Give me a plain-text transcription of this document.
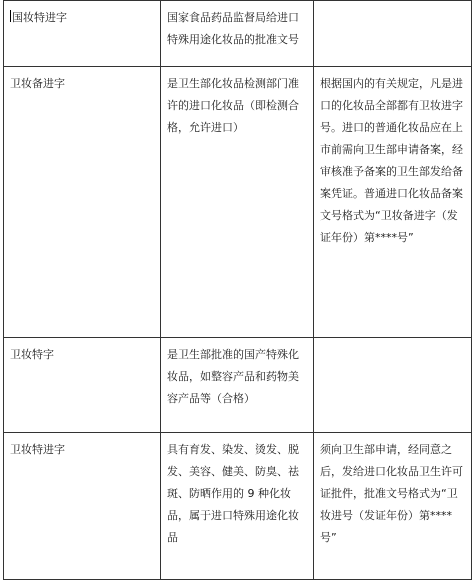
国妆特进字	国家食品药品监督局给进口特殊用途化妆品的批准文号	
卫妆备进字	是卫生部化妆品检测部门准许的进口化妆品（即检测合格，允许进口）	根据国内的有关规定，凡是进口的化妆品全部都有卫妆进字号。进口的普通化妆品应在上市前需向卫生部申请备案，经审核准予备案的卫生部发给备案凭证。普通进口化妆品备案文号格式为“卫妆备进字（发证年份）第****号”
卫妆特字	是卫生部批准的国产特殊化妆品，如整容产品和药物美容产品等（合格）	
卫妆特进字	具有育发、染发、烫发、脱发、美容、健美、防臭、祛斑、防晒作用的 9 种化妆品，属于进口特殊用途化妆品	须向卫生部申请，经同意之后，发给进口化妆品卫生许可证批件，批准文号格式为“卫妆进号（发证年份）第****号”
